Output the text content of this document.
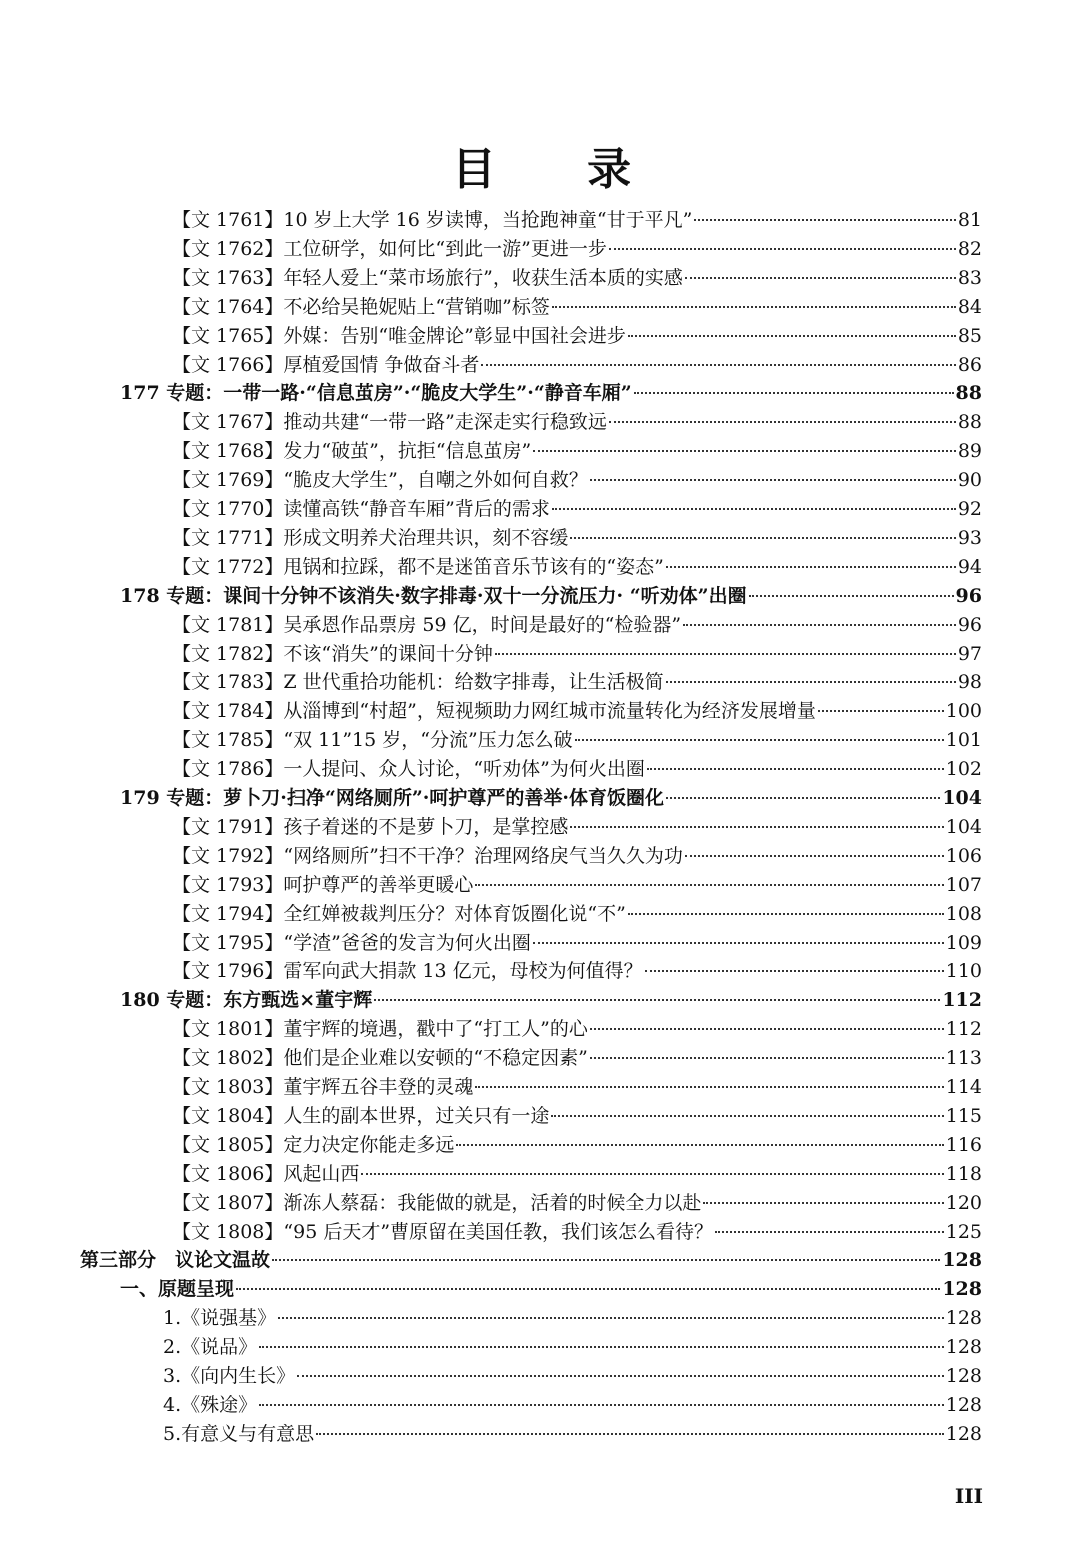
目 录
【文 1761】10 岁上大学 16 岁读博，当抢跑神童“甘于平凡”	81
【文 1762】工位研学，如何比“到此一游”更进一步	82
【文 1763】年轻人爱上“菜市场旅行”，收获生活本质的实感	83
【文 1764】不必给吴艳妮贴上“营销咖”标签	84
【文 1765】外媒：告别“唯金牌论”彰显中国社会进步	85
【文 1766】厚植爱国情 争做奋斗者	86
177 专题：一带一路·“信息茧房”·“脆皮大学生”·“静音车厢”	88
【文 1767】推动共建“一带一路”走深走实行稳致远	88
【文 1768】发力“破茧”，抗拒“信息茧房”	89
【文 1769】“脆皮大学生”，自嘲之外如何自救？	90
【文 1770】读懂高铁“静音车厢”背后的需求	92
【文 1771】形成文明养犬治理共识，刻不容缓	93
【文 1772】甩锅和拉踩，都不是迷笛音乐节该有的“姿态”	94
178 专题：课间十分钟不该消失·数字排毒·双十一分流压力· “听劝体”出圈	96
【文 1781】吴承恩作品票房 59 亿，时间是最好的“检验器”	96
【文 1782】不该“消失”的课间十分钟	97
【文 1783】Z 世代重拾功能机：给数字排毒，让生活极简	98
【文 1784】从淄博到“村超”，短视频助力网红城市流量转化为经济发展增量	100
【文 1785】“双 11”15 岁，“分流”压力怎么破	101
【文 1786】一人提问、众人讨论，“听劝体”为何火出圈	102
179 专题：萝卜刀·扫净“网络厕所”·呵护尊严的善举·体育饭圈化	104
【文 1791】孩子着迷的不是萝卜刀，是掌控感	104
【文 1792】“网络厕所”扫不干净？治理网络戾气当久久为功	106
【文 1793】呵护尊严的善举更暖心	107
【文 1794】全红婵被裁判压分？对体育饭圈化说“不”	108
【文 1795】“学渣”爸爸的发言为何火出圈	109
【文 1796】雷军向武大捐款 13 亿元，母校为何值得？	110
180 专题：东方甄选×董宇辉	112
【文 1801】董宇辉的境遇，戳中了“打工人”的心	112
【文 1802】他们是企业难以安顿的“不稳定因素”	113
【文 1803】董宇辉五谷丰登的灵魂	114
【文 1804】人生的副本世界，过关只有一途	115
【文 1805】定力决定你能走多远	116
【文 1806】风起山西	118
【文 1807】渐冻人蔡磊：我能做的就是，活着的时候全力以赴	120
【文 1808】“95 后天才”曹原留在美国任教，我们该怎么看待？	125
第三部分　议论文温故	128
一、原题呈现	128
1.《说强基》	128
2.《说品》	128
3.《向内生长》	128
4.《殊途》	128
5.有意义与有意思	128
III
